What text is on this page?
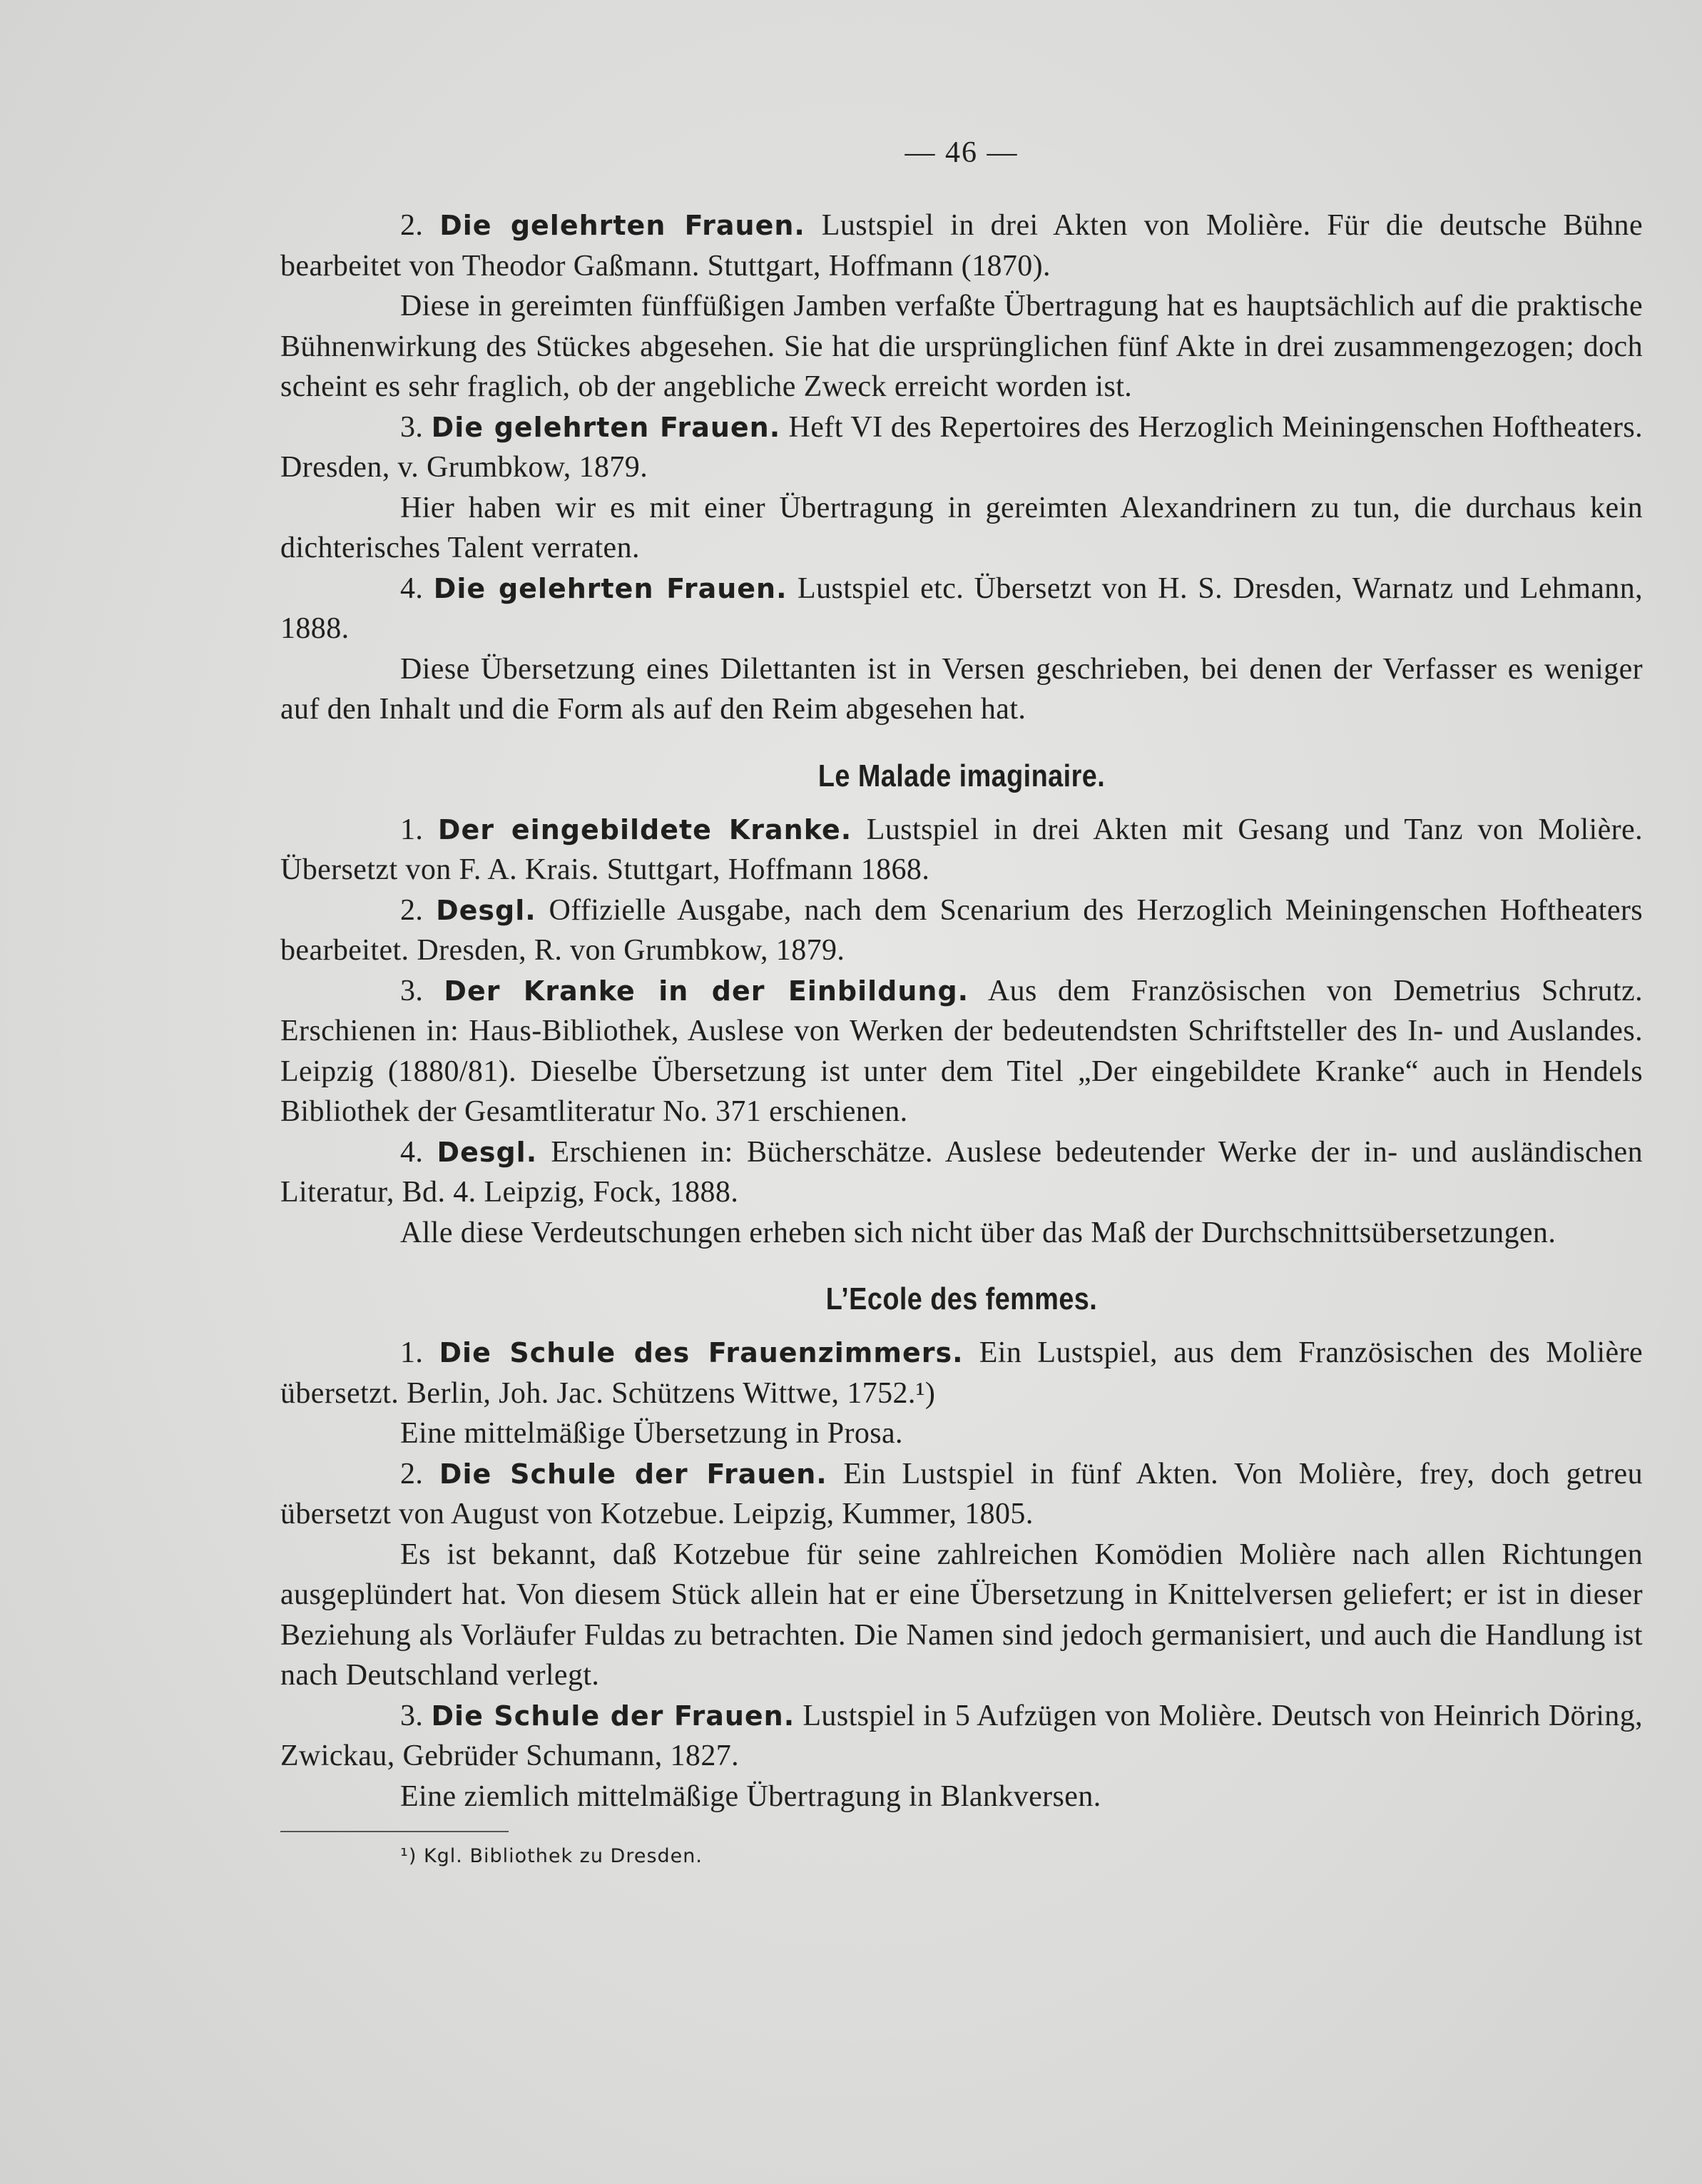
— 46 —

2. Die gelehrten Frauen. Lustspiel in drei Akten von Molière. Für die deutsche Bühne bearbeitet von Theodor Gaßmann. Stuttgart, Hoffmann (1870).

Diese in gereimten fünffüßigen Jamben verfaßte Übertragung hat es hauptsächlich auf die praktische Bühnenwirkung des Stückes abgesehen. Sie hat die ursprünglichen fünf Akte in drei zusammengezogen; doch scheint es sehr fraglich, ob der angebliche Zweck erreicht worden ist.

3. Die gelehrten Frauen. Heft VI des Repertoires des Herzoglich Meiningenschen Hoftheaters. Dresden, v. Grumbkow, 1879.

Hier haben wir es mit einer Übertragung in gereimten Alexandrinern zu tun, die durchaus kein dichterisches Talent verraten.

4. Die gelehrten Frauen. Lustspiel etc. Übersetzt von H. S. Dresden, Warnatz und Lehmann, 1888.

Diese Übersetzung eines Dilettanten ist in Versen geschrieben, bei denen der Verfasser es weniger auf den Inhalt und die Form als auf den Reim abgesehen hat.

Le Malade imaginaire.

1. Der eingebildete Kranke. Lustspiel in drei Akten mit Gesang und Tanz von Molière. Übersetzt von F. A. Krais. Stuttgart, Hoffmann 1868.

2. Desgl. Offizielle Ausgabe, nach dem Scenarium des Herzoglich Meiningenschen Hoftheaters bearbeitet. Dresden, R. von Grumbkow, 1879.

3. Der Kranke in der Einbildung. Aus dem Französischen von Demetrius Schrutz. Erschienen in: Haus-Bibliothek, Auslese von Werken der bedeutendsten Schriftsteller des In- und Auslandes. Leipzig (1880/81). Dieselbe Übersetzung ist unter dem Titel „Der eingebildete Kranke“ auch in Hendels Bibliothek der Gesamtliteratur No. 371 erschienen.

4. Desgl. Erschienen in: Bücherschätze. Auslese bedeutender Werke der in- und ausländischen Literatur, Bd. 4. Leipzig, Fock, 1888.

Alle diese Verdeutschungen erheben sich nicht über das Maß der Durchschnittsübersetzungen.

L’Ecole des femmes.

1. Die Schule des Frauenzimmers. Ein Lustspiel, aus dem Französischen des Molière übersetzt. Berlin, Joh. Jac. Schützens Wittwe, 1752.¹)

Eine mittelmäßige Übersetzung in Prosa.

2. Die Schule der Frauen. Ein Lustspiel in fünf Akten. Von Molière, frey, doch getreu übersetzt von August von Kotzebue. Leipzig, Kummer, 1805.

Es ist bekannt, daß Kotzebue für seine zahlreichen Komödien Molière nach allen Richtungen ausgeplündert hat. Von diesem Stück allein hat er eine Übersetzung in Knittelversen geliefert; er ist in dieser Beziehung als Vorläufer Fuldas zu betrachten. Die Namen sind jedoch germanisiert, und auch die Handlung ist nach Deutschland verlegt.

3. Die Schule der Frauen. Lustspiel in 5 Aufzügen von Molière. Deutsch von Heinrich Döring, Zwickau, Gebrüder Schumann, 1827.

Eine ziemlich mittelmäßige Übertragung in Blankversen.

¹) Kgl. Bibliothek zu Dresden.
